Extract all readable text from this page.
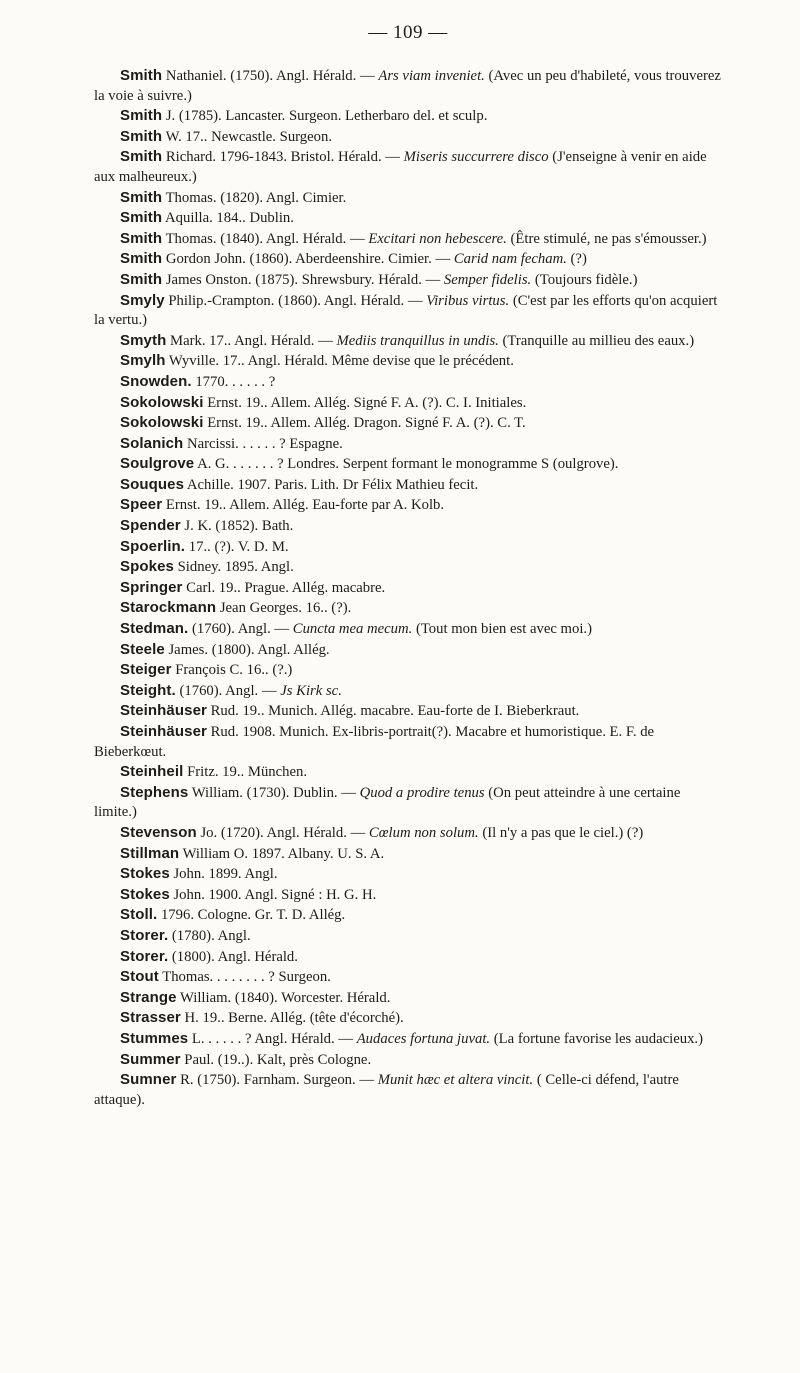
— 109 —

Smith Nathaniel. (1750). Angl. Hérald. — Ars viam inveniet. (Avec un peu d'habileté, vous trouverez la voie à suivre.)

Smith J. (1785). Lancaster. Surgeon. Letherbaro del. et sculp.

Smith W. 17.. Newcastle. Surgeon.

Smith Richard. 1796-1843. Bristol. Hérald. — Miseris succurrere disco (J'enseigne à venir en aide aux malheureux.)

Smith Thomas. (1820). Angl. Cimier.

Smith Aquilla. 184.. Dublin.

Smith Thomas. (1840). Angl. Hérald. — Excitari non hebescere. (Être stimulé, ne pas s'émousser.)

Smith Gordon John. (1860). Aberdeenshire. Cimier. — Carid nam fecham. (?)

Smith James Onston. (1875). Shrewsbury. Hérald. — Semper fidelis. (Toujours fidèle.)

Smyly Philip.-Crampton. (1860). Angl. Hérald. — Viribus virtus. (C'est par les efforts qu'on acquiert la vertu.)

Smyth Mark. 17.. Angl. Hérald. — Mediis tranquillus in undis. (Tranquille au millieu des eaux.)

Smylh Wyville. 17.. Angl. Hérald. Même devise que le précédent.

Snowden. 1770. . . . . . ?

Sokolowski Ernst. 19.. Allem. Allég. Signé F. A. (?). C. I. Initiales.

Sokolowski Ernst. 19.. Allem. Allég. Dragon. Signé F. A. (?). C. T.

Solanich Narcissi. . . . . . ? Espagne.

Soulgrove A. G. . . . . . . ? Londres. Serpent formant le monogramme S (oulgrove).

Souques Achille. 1907. Paris. Lith. Dr Félix Mathieu fecit.

Speer Ernst. 19.. Allem. Allég. Eau-forte par A. Kolb.

Spender J. K. (1852). Bath.

Spoerlin. 17.. (?). V. D. M.

Spokes Sidney. 1895. Angl.

Springer Carl. 19.. Prague. Allég. macabre.

Starockmann Jean Georges. 16.. (?).

Stedman. (1760). Angl. — Cuncta mea mecum. (Tout mon bien est avec moi.)

Steele James. (1800). Angl. Allég.

Steiger François C. 16.. (?.)

Steight. (1760). Angl. — Js Kirk sc.

Steinhäuser Rud. 19.. Munich. Allég. macabre. Eau-forte de I. Bieberkraut.

Steinhäuser Rud. 1908. Munich. Ex-libris-portrait(?). Macabre et humoristique. E. F. de Bieberkœut.

Steinheil Fritz. 19.. München.

Stephens William. (1730). Dublin. — Quod a prodire tenus (On peut atteindre à une certaine limite.)

Stevenson Jo. (1720). Angl. Hérald. — Cœlum non solum. (Il n'y a pas que le ciel.) (?)

Stillman William O. 1897. Albany. U. S. A.

Stokes John. 1899. Angl.

Stokes John. 1900. Angl. Signé : H. G. H.

Stoll. 1796. Cologne. Gr. T. D. Allég.

Storer. (1780). Angl.

Storer. (1800). Angl. Hérald.

Stout Thomas. . . . . . . . ? Surgeon.

Strange William. (1840). Worcester. Hérald.

Strasser H. 19.. Berne. Allég. (tête d'écorché).

Stummes L. . . . . . ? Angl. Hérald. — Audaces fortuna juvat. (La fortune favorise les audacieux.)

Summer Paul. (19..). Kalt, près Cologne.

Sumner R. (1750). Farnham. Surgeon. — Munit hæc et altera vincit. ( Celle-ci défend, l'autre attaque).
